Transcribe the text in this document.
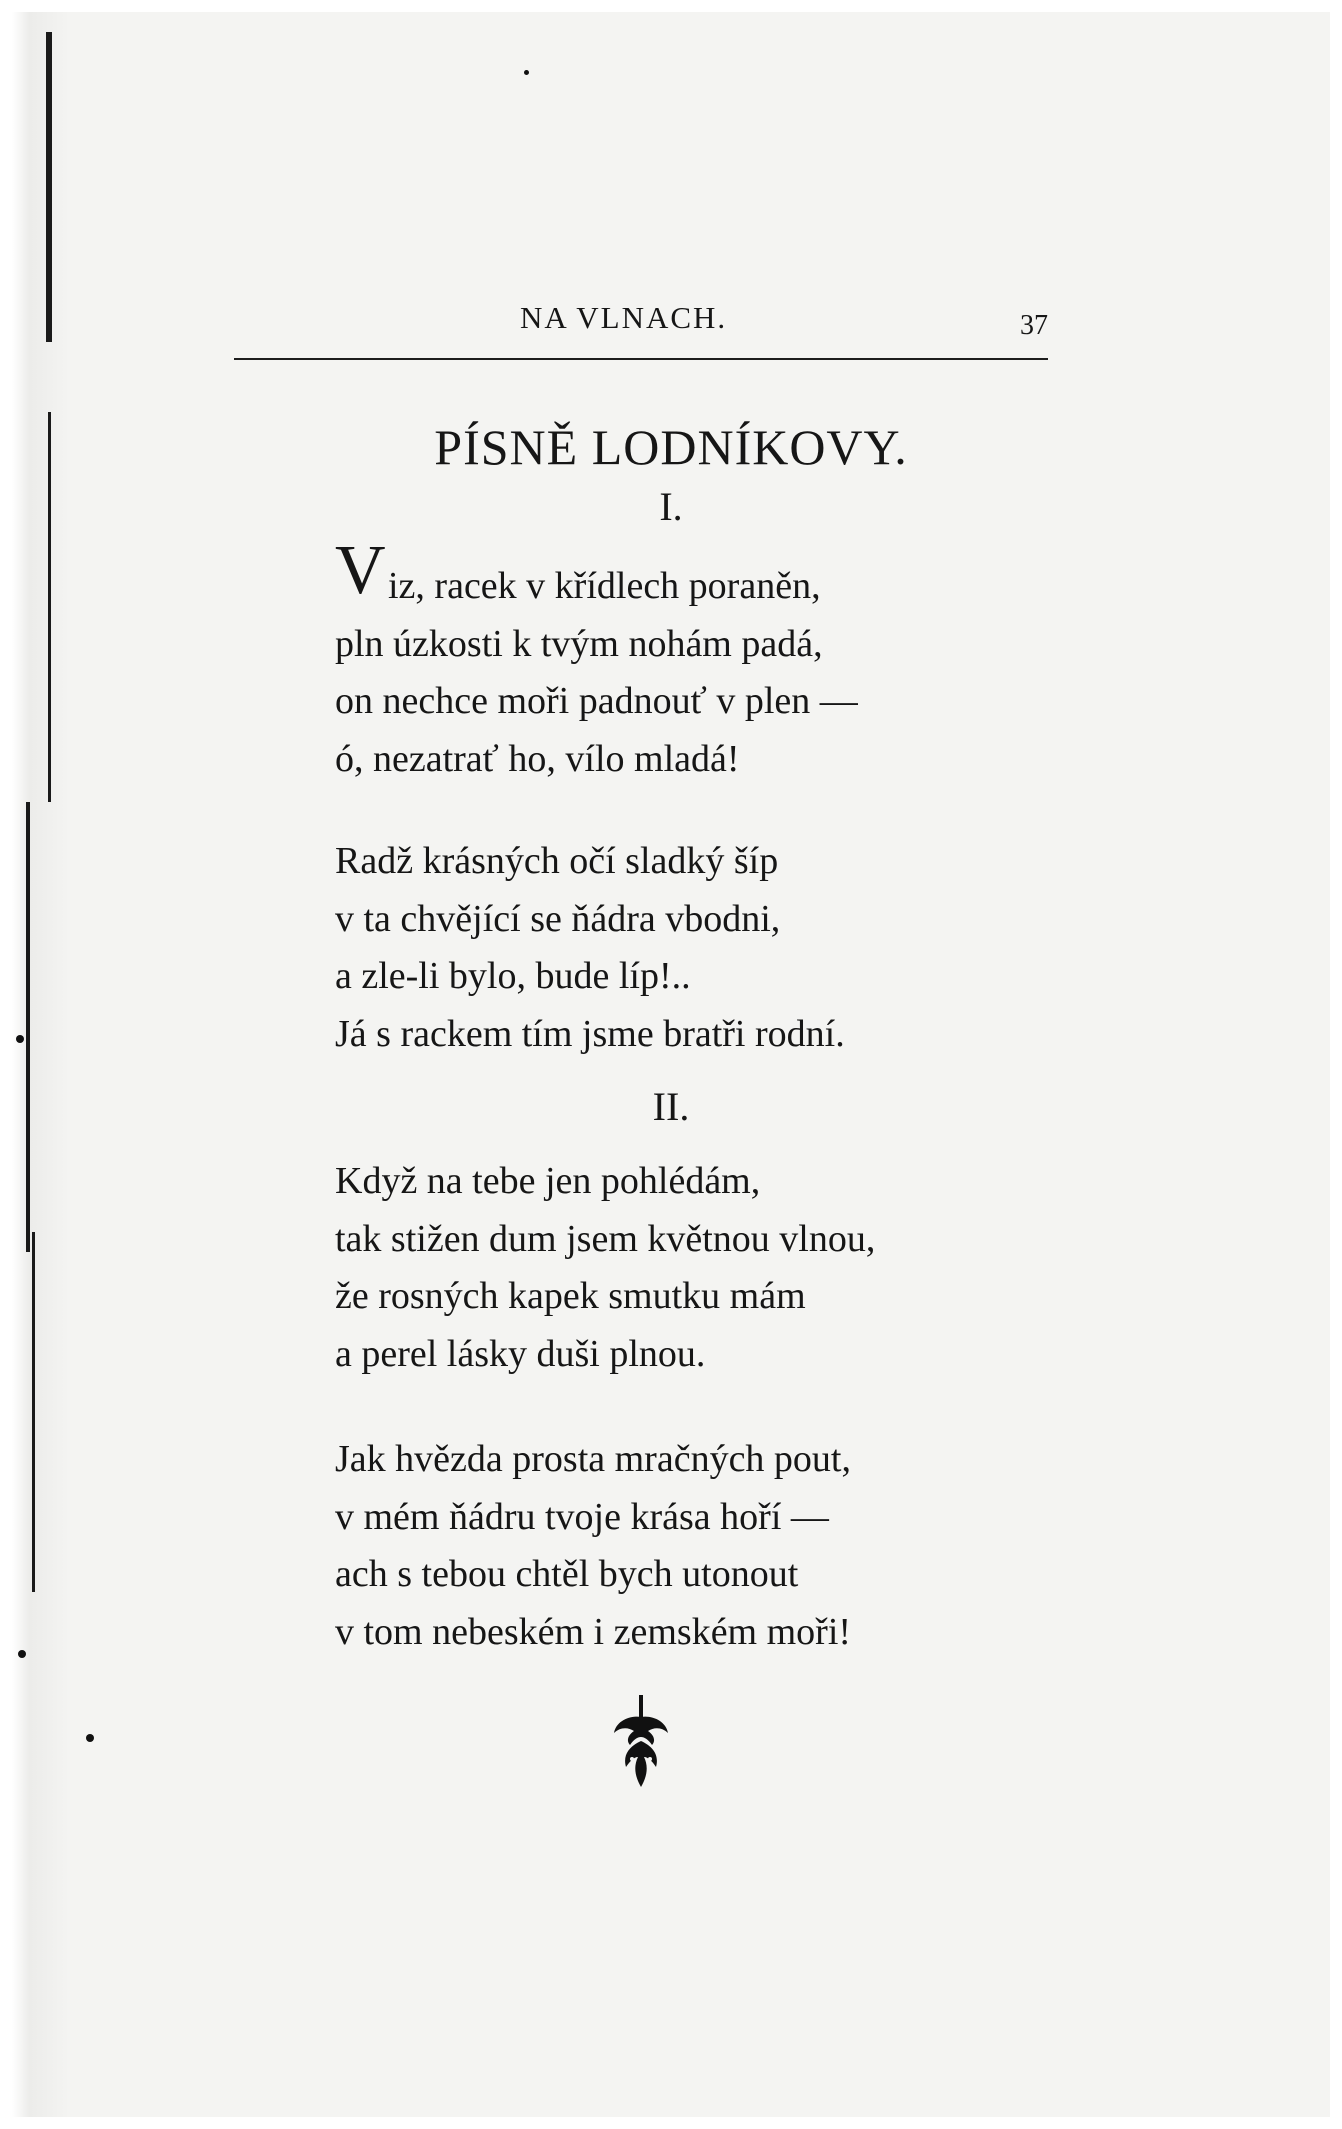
NA VLNACH.	37
PÍSNĚ LODNÍKOVY.
I.
V iz, racek v křídlech poraněn,
pln úzkosti k tvým nohám padá,
on nechce moři padnouť v plen —
ó, nezatrať ho, vílo mladá!
Radž krásných očí sladký šíp
v ta chvějící se ňádra vbodni,
a zle-li bylo, bude líp!..
Já s rackem tím jsme bratři rodní.
II.
Když na tebe jen pohlédám,
tak stižen dum jsem květnou vlnou,
že rosných kapek smutku mám
a perel lásky duši plnou.
Jak hvězda prosta mračných pout,
v mém ňádru tvoje krása hoří —
ach s tebou chtěl bych utonout
v tom nebeském i zemském moři!
